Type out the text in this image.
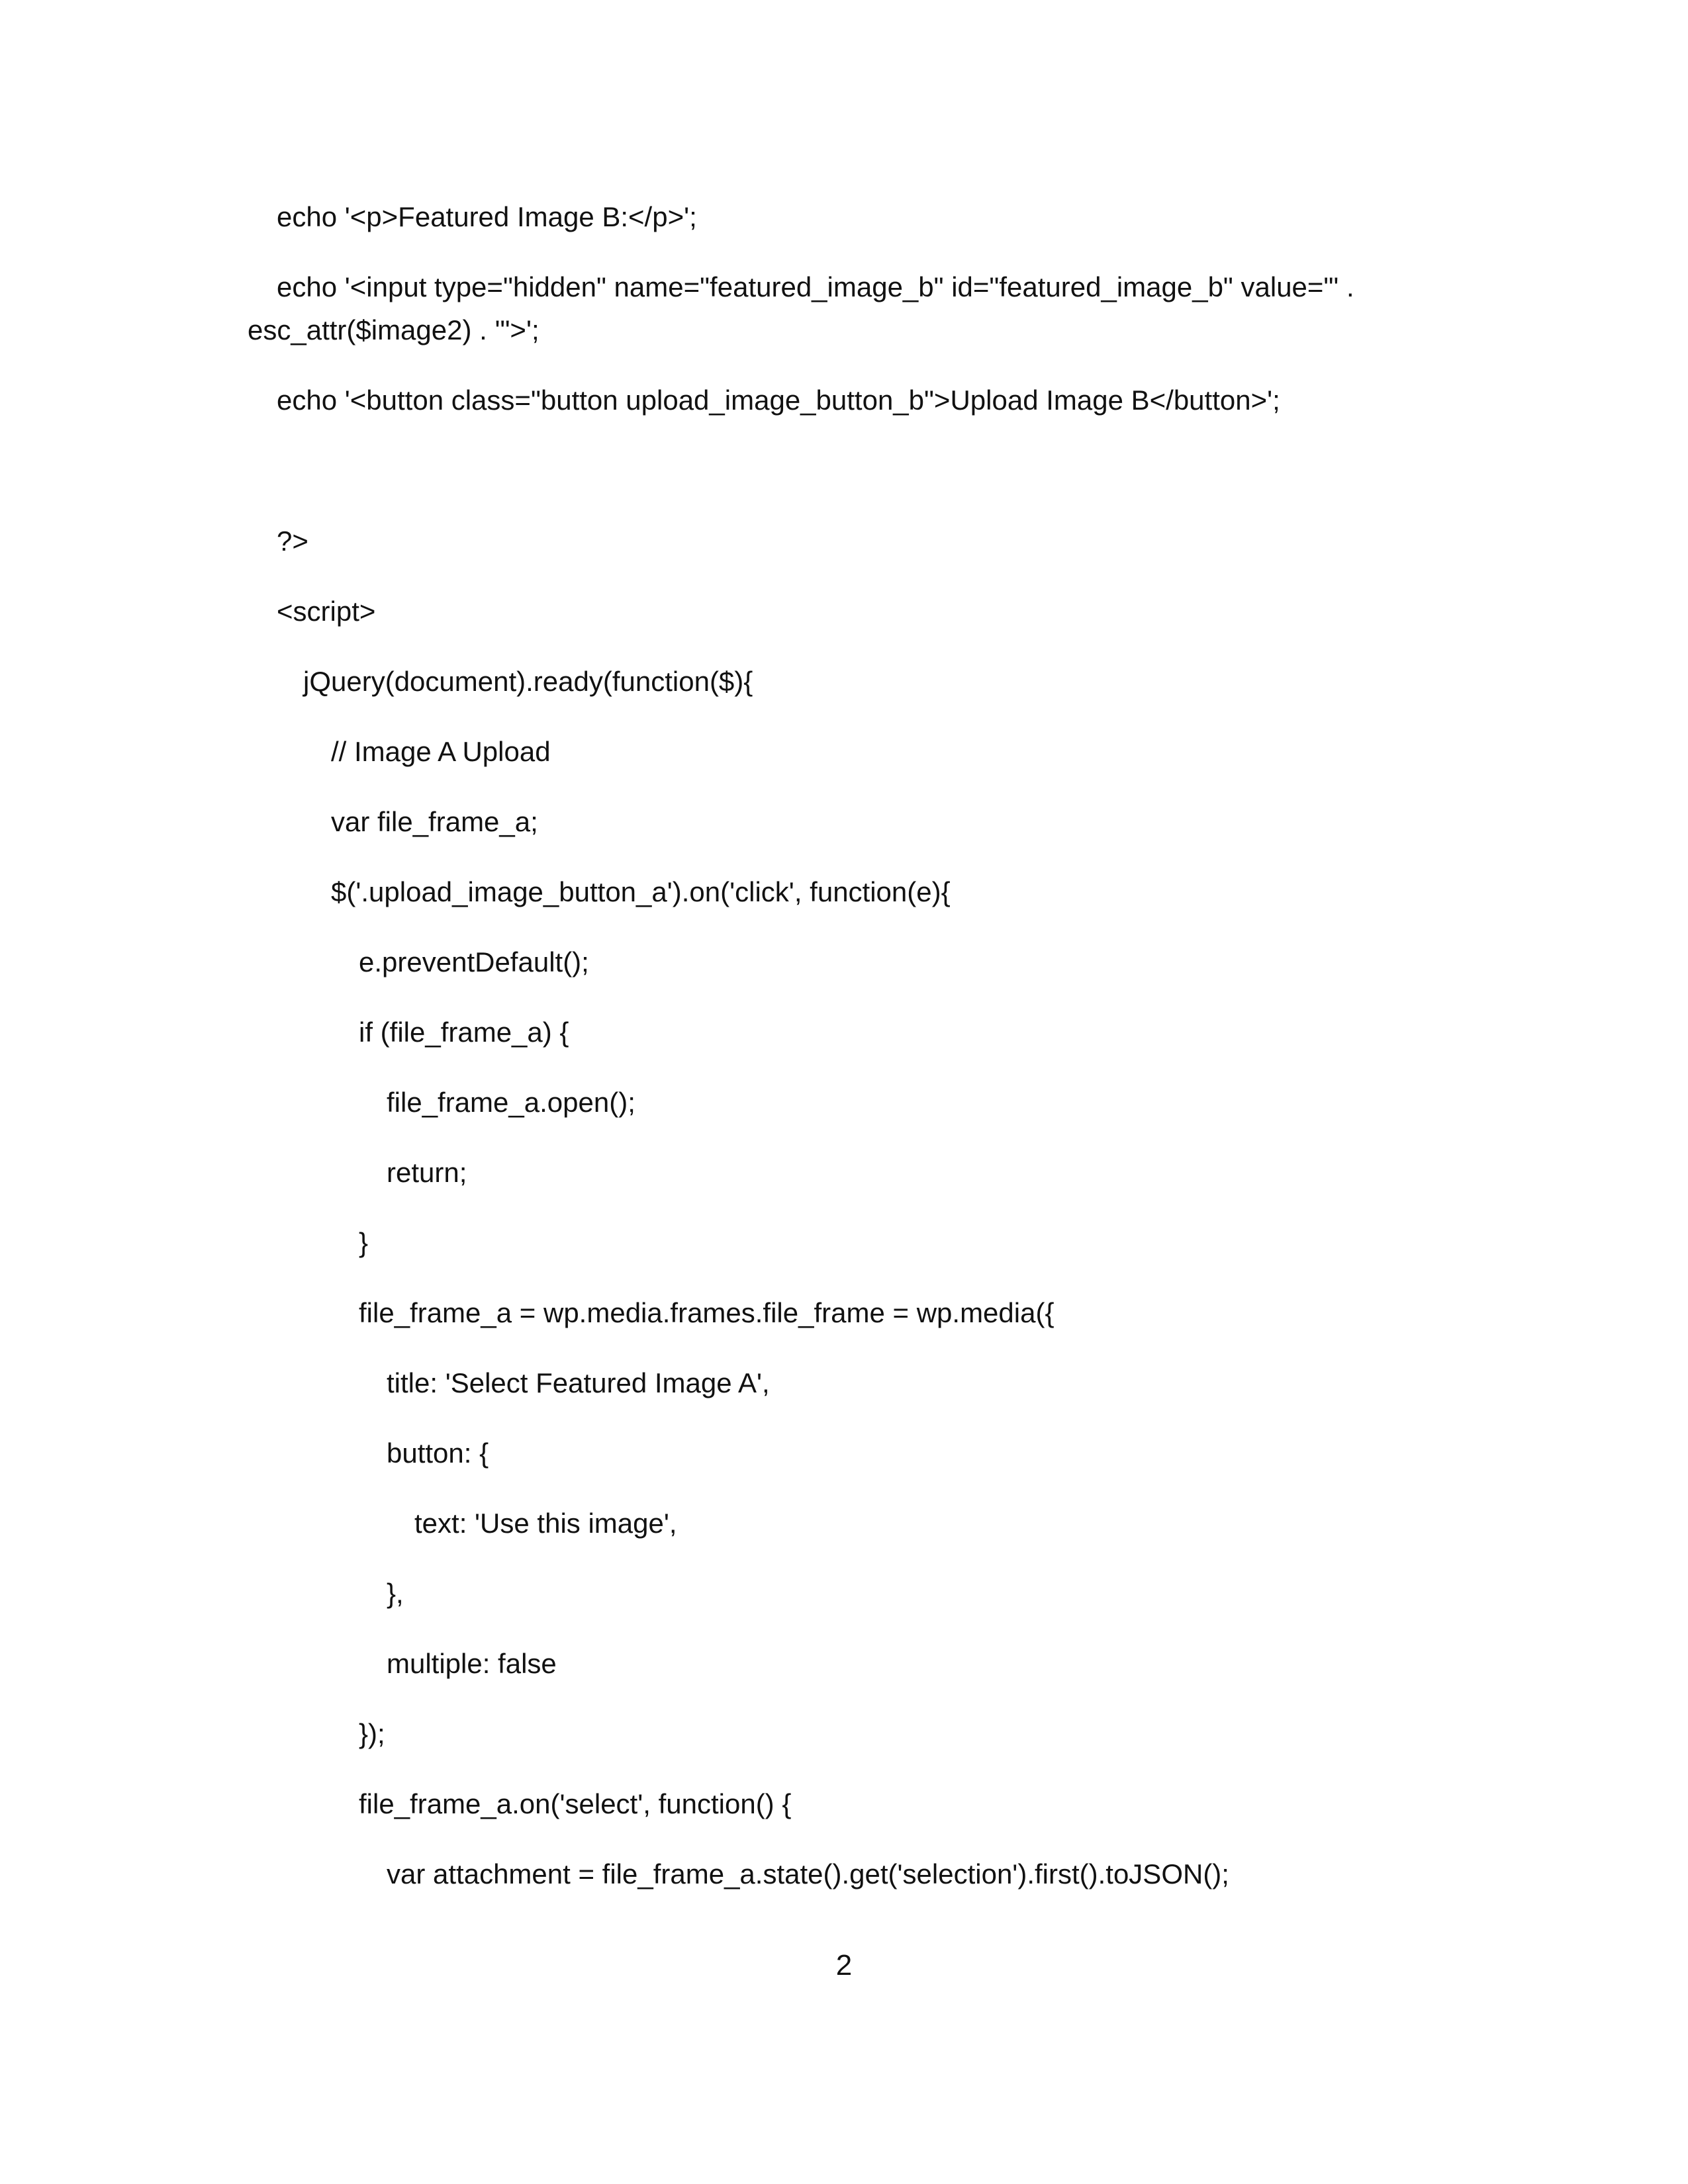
echo '<p>Featured Image B:</p>';
echo '<input type="hidden" name="featured_image_b" id="featured_image_b" value="' .
esc_attr($image2) . '">';
echo '<button class="button upload_image_button_b">Upload Image B</button>';
?>
<script>
jQuery(document).ready(function($){
// Image A Upload
var file_frame_a;
$('.upload_image_button_a').on('click', function(e){
e.preventDefault();
if (file_frame_a) {
file_frame_a.open();
return;
}
file_frame_a = wp.media.frames.file_frame = wp.media({
title: 'Select Featured Image A',
button: {
text: 'Use this image',
},
multiple: false
});
file_frame_a.on('select', function() {
var attachment = file_frame_a.state().get('selection').first().toJSON();
2
